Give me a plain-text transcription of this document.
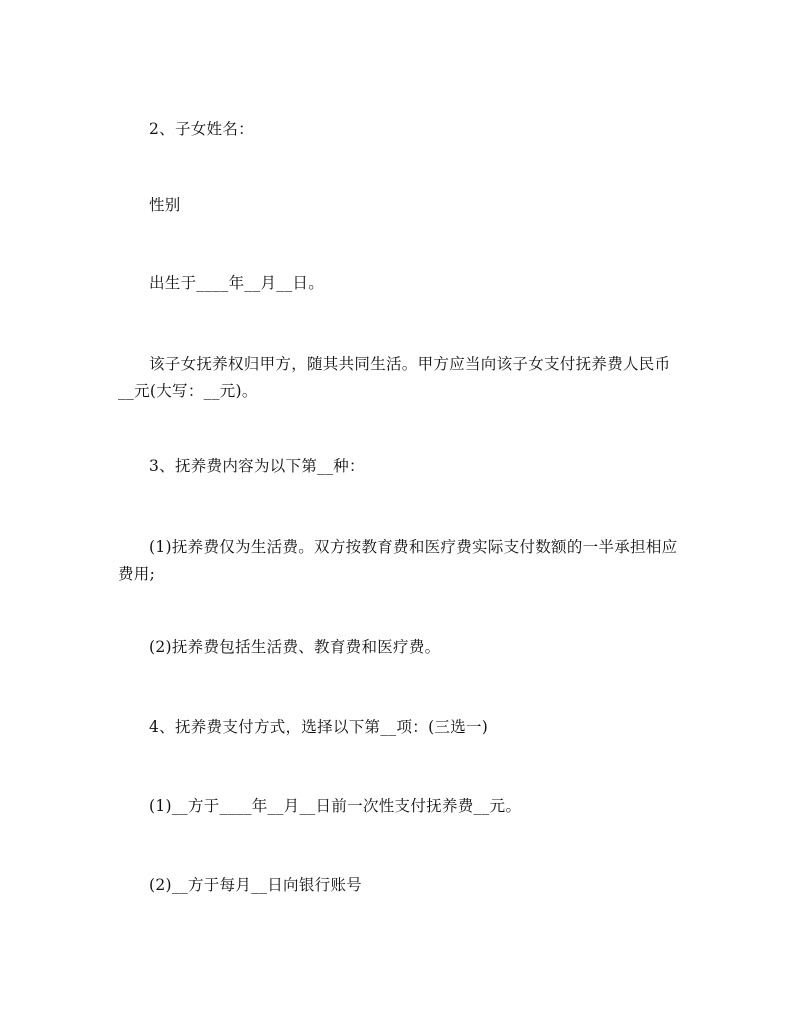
2、子女姓名：

性别

出生于____年__月__日。

该子女抚养权归甲方，随其共同生活。甲方应当向该子女支付抚养费人民币__元(大写：__元)。

3、抚养费内容为以下第__种：

(1)抚养费仅为生活费。双方按教育费和医疗费实际支付数额的一半承担相应费用;

(2)抚养费包括生活费、教育费和医疗费。

4、抚养费支付方式，选择以下第__项：(三选一)

(1)__方于____年__月__日前一次性支付抚养费__元。

(2)__方于每月__日向银行账号
